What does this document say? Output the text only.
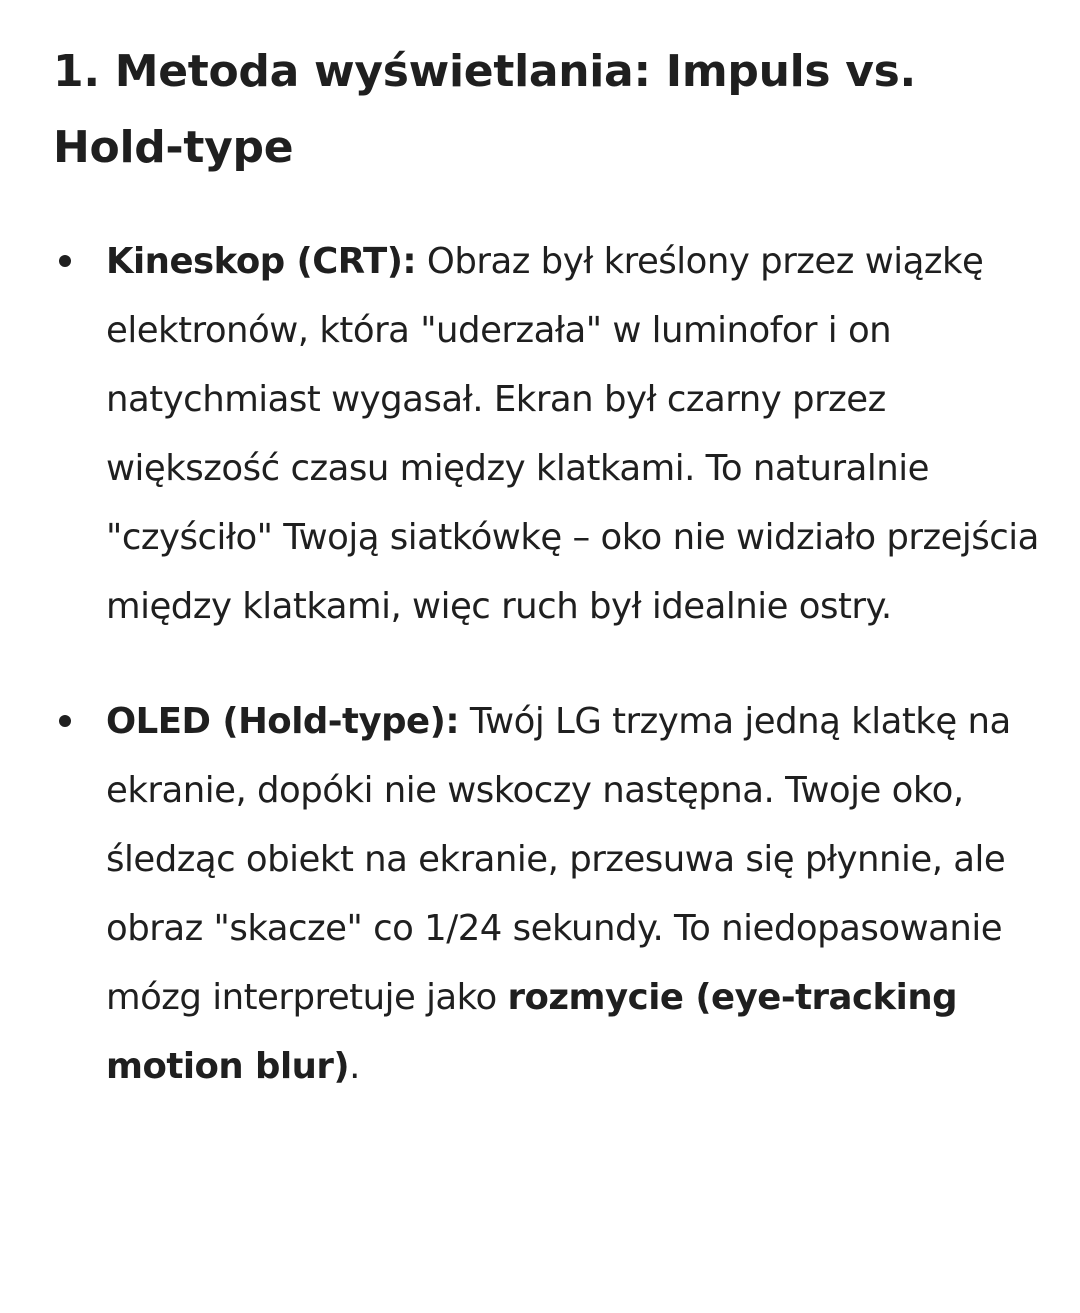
1. Metoda wyświetlania: Impuls vs. Hold-type
Kineskop (CRT): Obraz był kreślony przez wiązkę elektronów, która "uderzała" w luminofor i on natychmiast wygasał. Ekran był czarny przez większość czasu między klatkami. To naturalnie "czyściło" Twoją siatkówkę – oko nie widziało przejścia między klatkami, więc ruch był idealnie ostry.
OLED (Hold-type): Twój LG trzyma jedną klatkę na ekranie, dopóki nie wskoczy następna. Twoje oko, śledząc obiekt na ekranie, przesuwa się płynnie, ale obraz "skacze" co 1/24 sekundy. To niedopasowanie mózg interpretuje jako rozmycie (eye-tracking motion blur).
